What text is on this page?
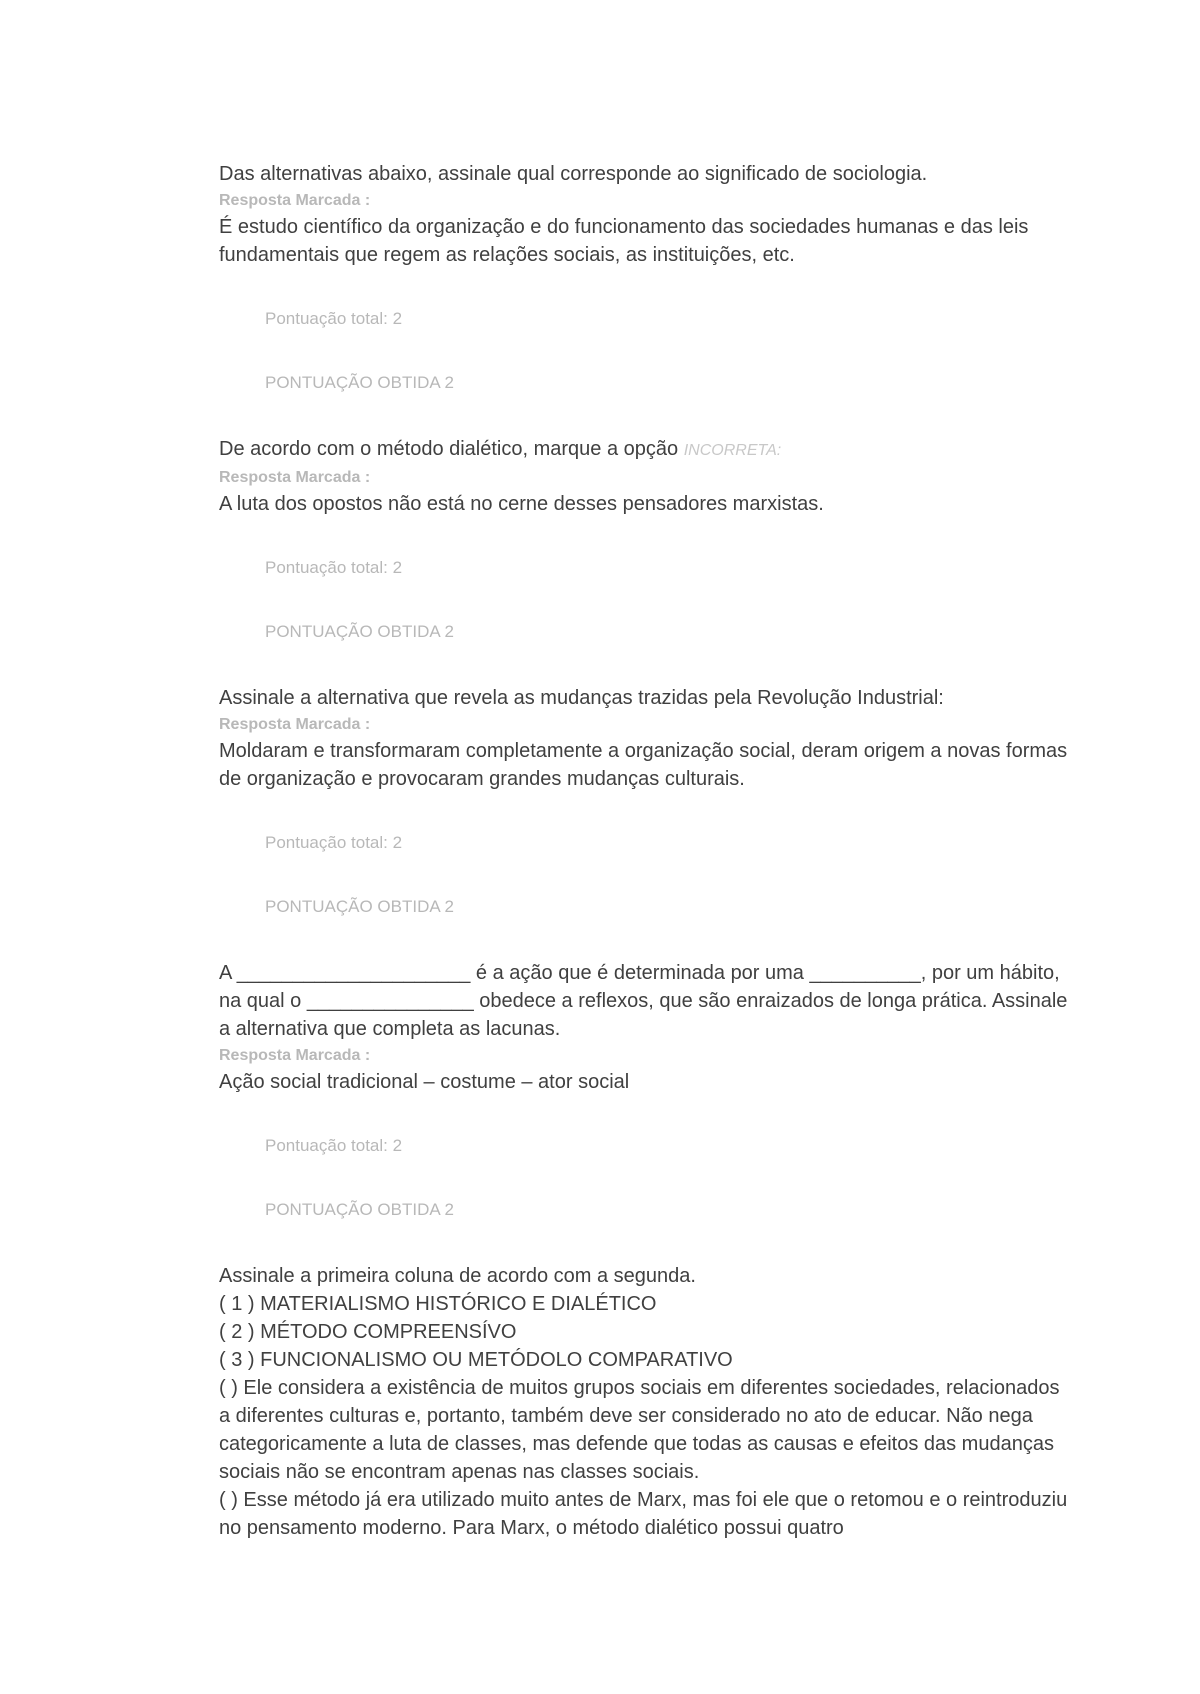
Das alternativas abaixo, assinale qual corresponde ao significado de sociologia.

Resposta Marcada :

É estudo científico da organização e do funcionamento das sociedades humanas e das leis fundamentais que regem as relações sociais, as instituições, etc.

Pontuação total: 2

PONTUAÇÃO OBTIDA 2

De acordo com o método dialético, marque a opção INCORRETA:

Resposta Marcada :

A luta dos opostos não está no cerne desses pensadores marxistas.

Pontuação total: 2

PONTUAÇÃO OBTIDA 2

Assinale a alternativa que revela as mudanças trazidas pela Revolução Industrial:

Resposta Marcada :

Moldaram e transformaram completamente a organização social, deram origem a novas formas de organização e provocaram grandes mudanças culturais.

Pontuação total: 2

PONTUAÇÃO OBTIDA 2

A _____________________ é a ação que é determinada por uma __________, por um hábito, na qual o _______________ obedece a reflexos, que são enraizados de longa prática. Assinale a alternativa que completa as lacunas.

Resposta Marcada :

Ação social tradicional – costume – ator social

Pontuação total: 2

PONTUAÇÃO OBTIDA 2

Assinale a primeira coluna de acordo com a segunda.

( 1 ) MATERIALISMO HISTÓRICO E DIALÉTICO

( 2 ) MÉTODO COMPREENSÍVO

( 3 ) FUNCIONALISMO OU METÓDOLO COMPARATIVO

( ) Ele considera a existência de muitos grupos sociais em diferentes sociedades, relacionados a diferentes culturas e, portanto, também deve ser considerado no ato de educar. Não nega categoricamente a luta de classes, mas defende que todas as causas e efeitos das mudanças sociais não se encontram apenas nas classes sociais.

( ) Esse método já era utilizado muito antes de Marx, mas foi ele que o retomou e o reintroduziu no pensamento moderno. Para Marx, o método dialético possui quatro
